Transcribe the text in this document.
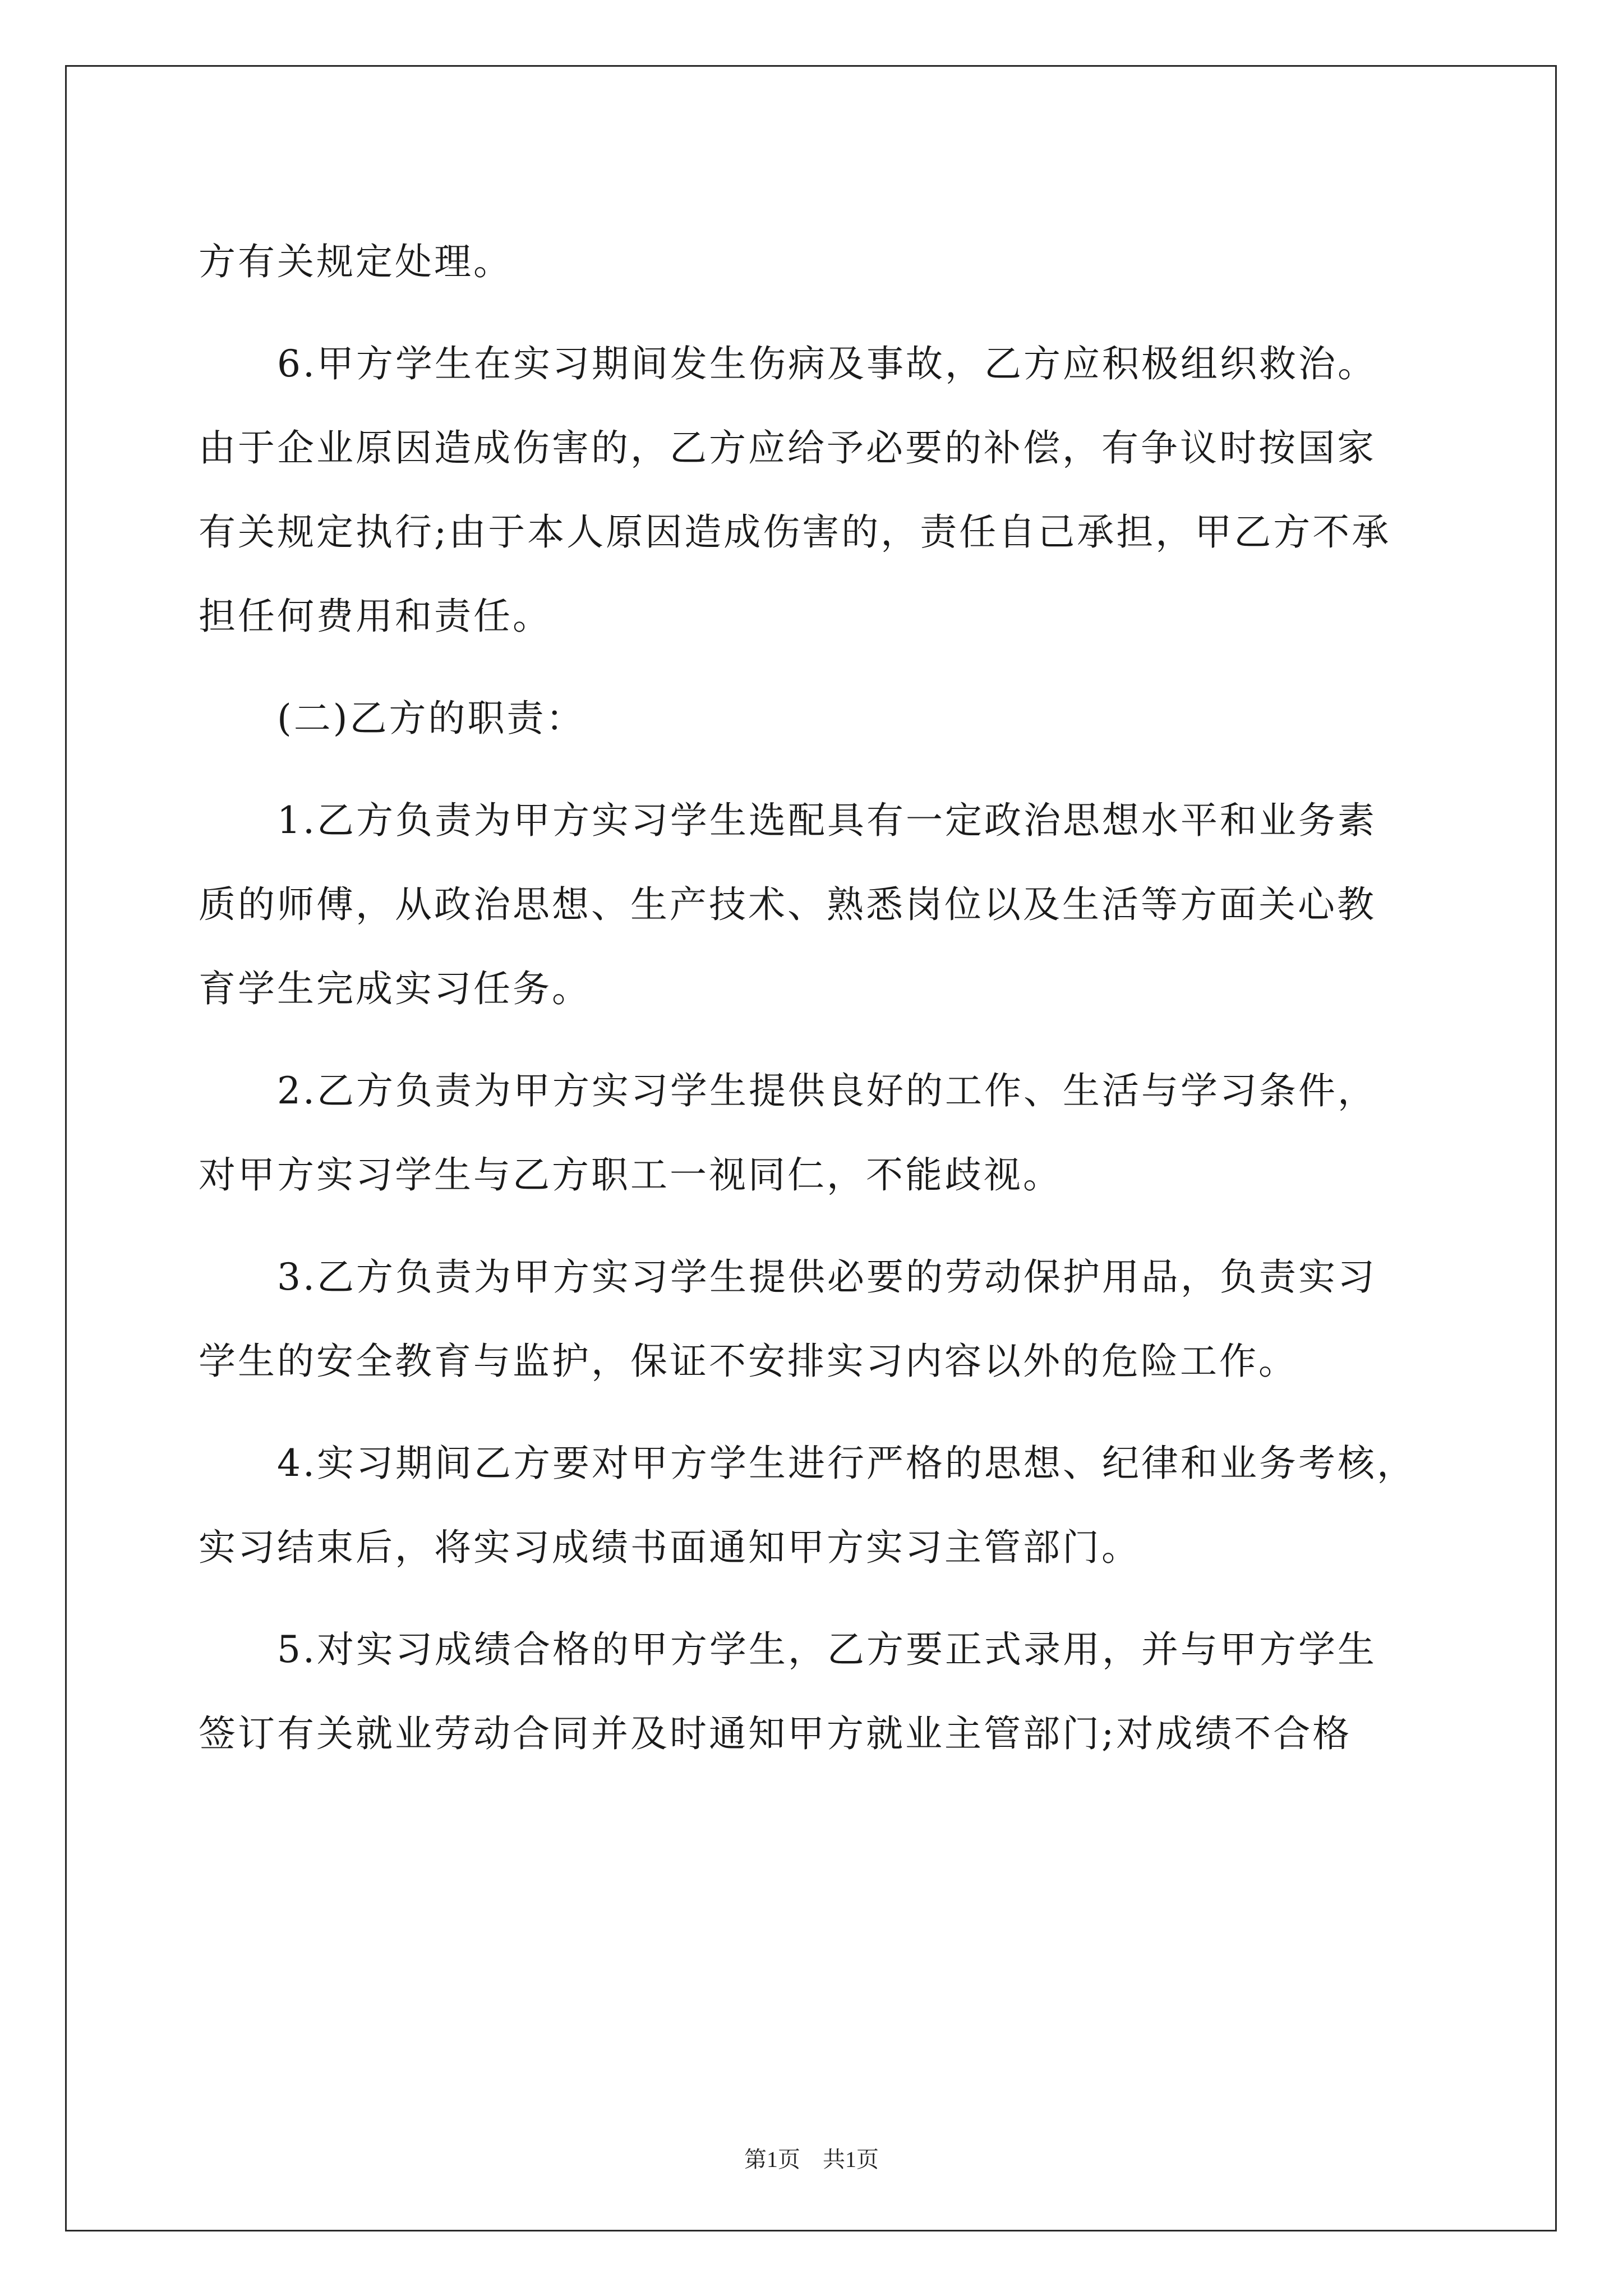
方有关规定处理。
　　6.甲方学生在实习期间发生伤病及事故，乙方应积极组织救治。
由于企业原因造成伤害的，乙方应给予必要的补偿，有争议时按国家
有关规定执行;由于本人原因造成伤害的，责任自己承担，甲乙方不承
担任何费用和责任。
　　(二)乙方的职责：
　　1.乙方负责为甲方实习学生选配具有一定政治思想水平和业务素
质的师傅，从政治思想、生产技术、熟悉岗位以及生活等方面关心教
育学生完成实习任务。
　　2.乙方负责为甲方实习学生提供良好的工作、生活与学习条件，
对甲方实习学生与乙方职工一视同仁，不能歧视。
　　3.乙方负责为甲方实习学生提供必要的劳动保护用品，负责实习
学生的安全教育与监护，保证不安排实习内容以外的危险工作。
　　4.实习期间乙方要对甲方学生进行严格的思想、纪律和业务考核，
实习结束后，将实习成绩书面通知甲方实习主管部门。
　　5.对实习成绩合格的甲方学生，乙方要正式录用，并与甲方学生
签订有关就业劳动合同并及时通知甲方就业主管部门;对成绩不合格
第1页　共1页
